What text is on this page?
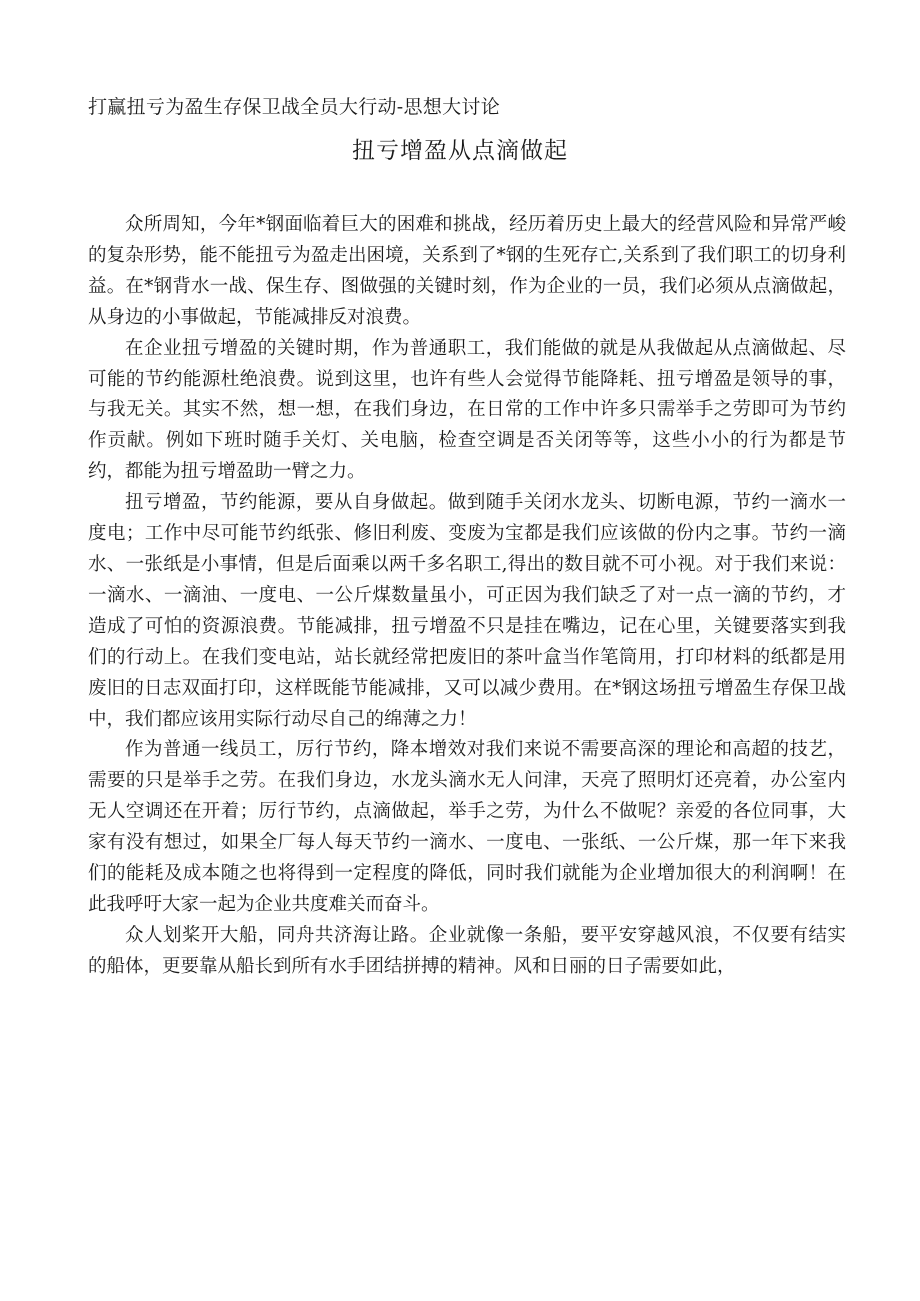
打赢扭亏为盈生存保卫战全员大行动-思想大讨论
扭亏增盈从点滴做起

众所周知，今年*钢面临着巨大的困难和挑战，经历着历史上最大的经营风险和异常严峻的复杂形势，能不能扭亏为盈走出困境，关系到了*钢的生死存亡,关系到了我们职工的切身利益。在*钢背水一战、保生存、图做强的关键时刻，作为企业的一员，我们必须从点滴做起，从身边的小事做起，节能减排反对浪费。

在企业扭亏增盈的关键时期，作为普通职工，我们能做的就是从我做起从点滴做起、尽可能的节约能源杜绝浪费。说到这里，也许有些人会觉得节能降耗、扭亏增盈是领导的事，与我无关。其实不然，想一想，在我们身边，在日常的工作中许多只需举手之劳即可为节约作贡献。例如下班时随手关灯、关电脑，检查空调是否关闭等等，这些小小的行为都是节约，都能为扭亏增盈助一臂之力。

扭亏增盈，节约能源，要从自身做起。做到随手关闭水龙头、切断电源，节约一滴水一度电；工作中尽可能节约纸张、修旧利废、变废为宝都是我们应该做的份内之事。节约一滴水、一张纸是小事情，但是后面乘以两千多名职工,得出的数目就不可小视。对于我们来说：一滴水、一滴油、一度电、一公斤煤数量虽小，可正因为我们缺乏了对一点一滴的节约，才造成了可怕的资源浪费。节能减排，扭亏增盈不只是挂在嘴边，记在心里，关键要落实到我们的行动上。在我们变电站，站长就经常把废旧的茶叶盒当作笔筒用，打印材料的纸都是用废旧的日志双面打印，这样既能节能减排，又可以减少费用。在*钢这场扭亏增盈生存保卫战中，我们都应该用实际行动尽自己的绵薄之力！

作为普通一线员工，厉行节约，降本增效对我们来说不需要高深的理论和高超的技艺，需要的只是举手之劳。在我们身边，水龙头滴水无人问津，天亮了照明灯还亮着，办公室内无人空调还在开着；厉行节约，点滴做起，举手之劳，为什么不做呢？亲爱的各位同事，大家有没有想过，如果全厂每人每天节约一滴水、一度电、一张纸、一公斤煤，那一年下来我们的能耗及成本随之也将得到一定程度的降低，同时我们就能为企业增加很大的利润啊！在此我呼吁大家一起为企业共度难关而奋斗。

众人划桨开大船，同舟共济海让路。企业就像一条船，要平安穿越风浪，不仅要有结实的船体，更要靠从船长到所有水手团结拼搏的精神。风和日丽的日子需要如此，
